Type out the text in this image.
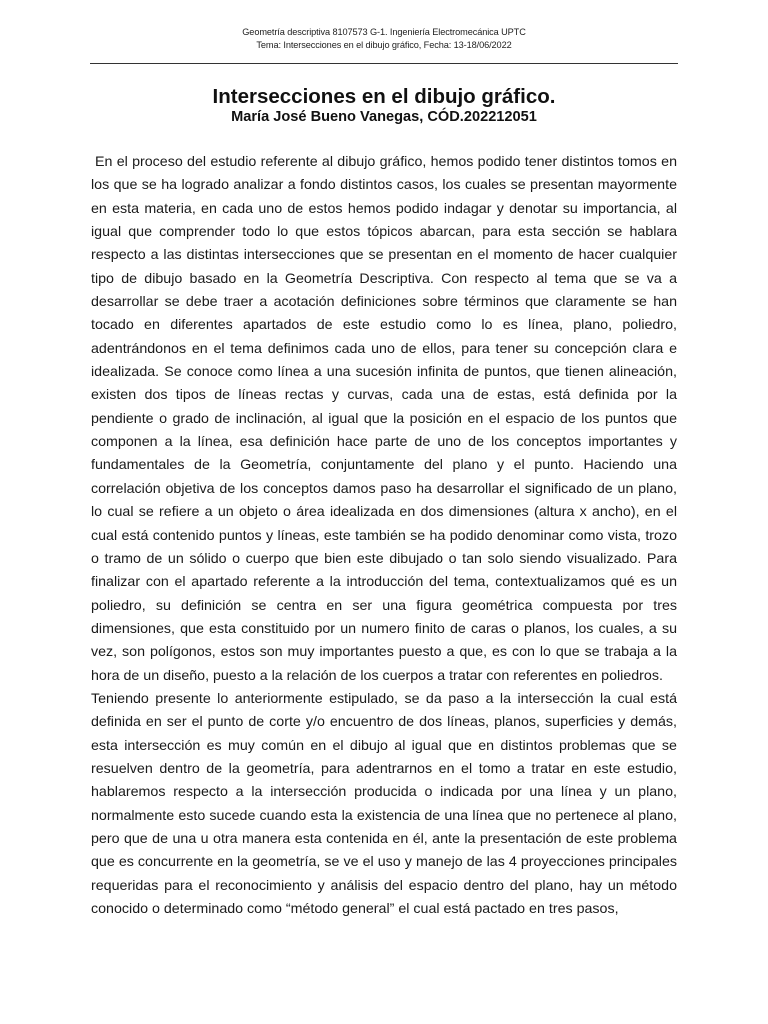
Geometría descriptiva 8107573 G-1. Ingeniería Electromecánica UPTC
Tema: Intersecciones en el dibujo gráfico, Fecha: 13-18/06/2022
Intersecciones en el dibujo gráfico.
María José Bueno Vanegas, CÓD.202212051

En el proceso del estudio referente al dibujo gráfico, hemos podido tener distintos tomos en los que se ha logrado analizar a fondo distintos casos, los cuales se presentan mayormente en esta materia, en cada uno de estos hemos podido indagar y denotar su importancia, al igual que comprender todo lo que estos tópicos abarcan, para esta sección se hablara respecto a las distintas intersecciones que se presentan en el momento de hacer cualquier tipo de dibujo basado en la Geometría Descriptiva. Con respecto al tema que se va a desarrollar se debe traer a acotación definiciones sobre términos que claramente se han tocado en diferentes apartados de este estudio como lo es línea, plano, poliedro, adentrándonos en el tema definimos cada uno de ellos, para tener su concepción clara e idealizada. Se conoce como línea a una sucesión infinita de puntos, que tienen alineación, existen dos tipos de líneas rectas y curvas, cada una de estas, está definida por la pendiente o grado de inclinación, al igual que la posición en el espacio de los puntos que componen a la línea, esa definición hace parte de uno de los conceptos importantes y fundamentales de la Geometría, conjuntamente del plano y el punto. Haciendo una correlación objetiva de los conceptos damos paso ha desarrollar el significado de un plano, lo cual se refiere a un objeto o área idealizada en dos dimensiones (altura x ancho), en el cual está contenido puntos y líneas, este también se ha podido denominar como vista, trozo o tramo de un sólido o cuerpo que bien este dibujado o tan solo siendo visualizado. Para finalizar con el apartado referente a la introducción del tema, contextualizamos qué es un poliedro, su definición se centra en ser una figura geométrica compuesta por tres dimensiones, que esta constituido por un numero finito de caras o planos, los cuales, a su vez, son polígonos, estos son muy importantes puesto a que, es con lo que se trabaja a la hora de un diseño, puesto a la relación de los cuerpos a tratar con referentes en poliedros.

Teniendo presente lo anteriormente estipulado, se da paso a la intersección la cual está definida en ser el punto de corte y/o encuentro de dos líneas, planos, superficies y demás, esta intersección es muy común en el dibujo al igual que en distintos problemas que se resuelven dentro de la geometría, para adentrarnos en el tomo a tratar en este estudio, hablaremos respecto a la intersección producida o indicada por una línea y un plano, normalmente esto sucede cuando esta la existencia de una línea que no pertenece al plano, pero que de una u otra manera esta contenida en él, ante la presentación de este problema que es concurrente en la geometría, se ve el uso y manejo de las 4 proyecciones principales requeridas para el reconocimiento y análisis del espacio dentro del plano, hay un método conocido o determinado como “método general” el cual está pactado en tres pasos,
